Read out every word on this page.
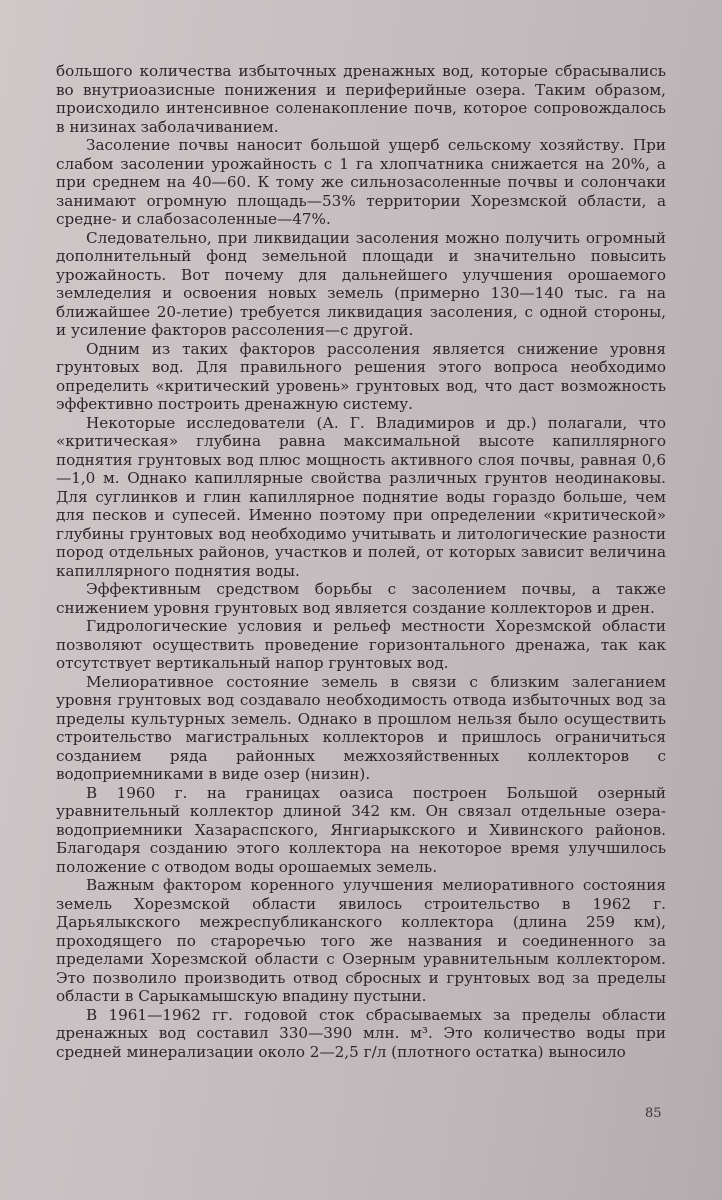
большого количества избыточных дренажных вод, которые сбрасывались во внутриоазисные понижения и периферийные озера. Таким образом, происходило интенсивное соленакопление почв, которое сопровождалось в низинах заболачиванием.

Засоление почвы наносит большой ущерб сельскому хозяйству. При слабом засолении урожайность с 1 га хлопчатника снижается на 20%, а при среднем на 40—60. К тому же сильнозасоленные почвы и солончаки занимают огромную площадь—53% территории Хорезмской области, а средне- и слабозасоленные—47%.

Следовательно, при ликвидации засоления можно получить огромный дополнительный фонд земельной площади и значительно повысить урожайность. Вот почему для дальнейшего улучшения орошаемого земледелия и освоения новых земель (примерно 130—140 тыс. га на ближайшее 20-летие) требуется ликвидация засоления, с одной стороны, и усиление факторов рассоления—с другой.

Одним из таких факторов рассоления является снижение уровня грунтовых вод. Для правильного решения этого вопроса необходимо определить «критический уровень» грунтовых вод, что даст возможность эффективно построить дренажную систему.

Некоторые исследователи (А. Г. Владимиров и др.) полагали, что «критическая» глубина равна максимальной высоте капиллярного поднятия грунтовых вод плюс мощность активного слоя почвы, равная 0,6—1,0 м. Однако капиллярные свойства различных грунтов неодинаковы. Для суглинков и глин капиллярное поднятие воды гораздо больше, чем для песков и супесей. Именно поэтому при определении «критической» глубины грунтовых вод необходимо учитывать и литологические разности пород отдельных районов, участков и полей, от которых зависит величина капиллярного поднятия воды.

Эффективным средством борьбы с засолением почвы, а также снижением уровня грунтовых вод является создание коллекторов и дрен.

Гидрологические условия и рельеф местности Хорезмской области позволяют осуществить проведение горизонтального дренажа, так как отсутствует вертикальный напор грунтовых вод.

Мелиоративное состояние земель в связи с близким залеганием уровня грунтовых вод создавало необходимость отвода избыточных вод за пределы культурных земель. Однако в прошлом нельзя было осуществить строительство магистральных коллекторов и пришлось ограничиться созданием ряда районных межхозяйственных коллекторов с водоприемниками в виде озер (низин).

В 1960 г. на границах оазиса построен Большой озерный уравнительный коллектор длиной 342 км. Он связал отдельные озера-водоприемники Хазараспского, Янгиарыкского и Хивинского районов. Благодаря созданию этого коллектора на некоторое время улучшилось положение с отводом воды орошаемых земель.

Важным фактором коренного улучшения мелиоративного состояния земель Хорезмской области явилось строительство в 1962 г. Дарьялыкского межреспубликанского коллектора (длина 259 км), проходящего по староречью того же названия и соединенного за пределами Хорезмской области с Озерным уравнительным коллектором. Это позволило производить отвод сбросных и грунтовых вод за пределы области в Сарыкамышскую впадину пустыни.

В 1961—1962 гг. годовой сток сбрасываемых за пределы области дренажных вод составил 330—390 млн. м³. Это количество воды при средней минерализации около 2—2,5 г/л (плотного остатка) выносило

85
